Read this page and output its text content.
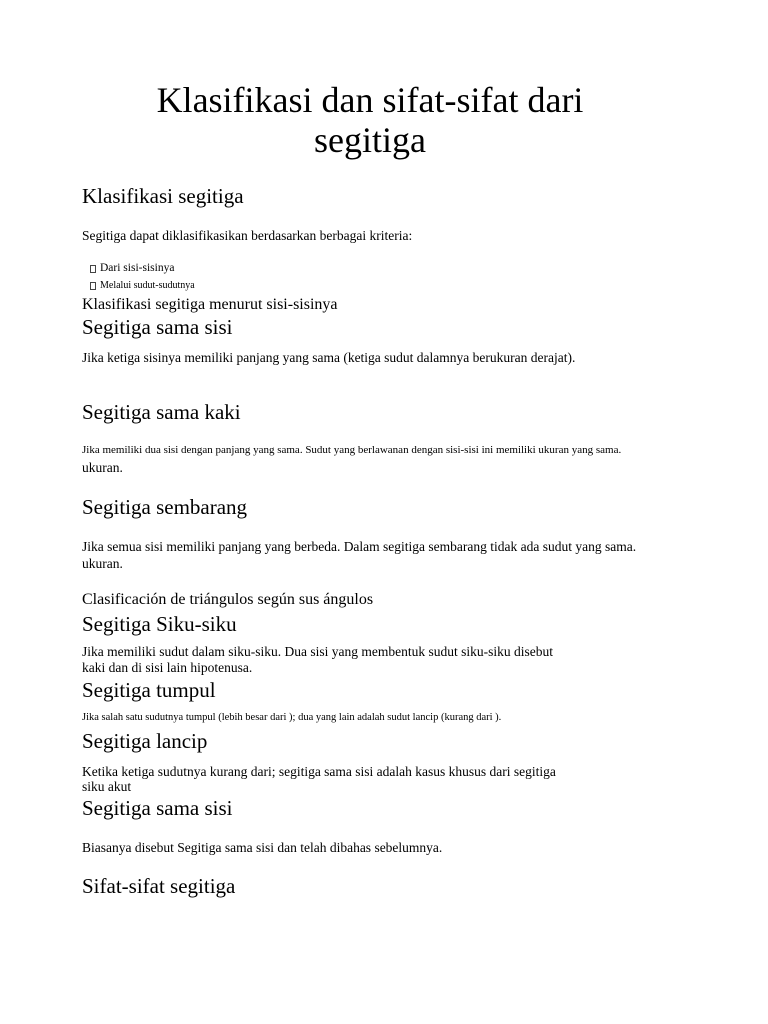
Klasifikasi dan sifat-sifat dari
segitiga
Klasifikasi segitiga
Segitiga dapat diklasifikasikan berdasarkan berbagai kriteria:
Dari sisi-sisinya
Melalui sudut-sudutnya
Klasifikasi segitiga menurut sisi-sisinya
Segitiga sama sisi
Jika ketiga sisinya memiliki panjang yang sama (ketiga sudut dalamnya berukuran derajat).
Segitiga sama kaki
Jika memiliki dua sisi dengan panjang yang sama. Sudut yang berlawanan dengan sisi-sisi ini memiliki ukuran yang sama.
ukuran.
Segitiga sembarang
Jika semua sisi memiliki panjang yang berbeda. Dalam segitiga sembarang tidak ada sudut yang sama.
ukuran.
Clasificación de triángulos según sus ángulos
Segitiga Siku-siku
Jika memiliki sudut dalam siku-siku. Dua sisi yang membentuk sudut siku-siku disebut
kaki dan di sisi lain hipotenusa.
Segitiga tumpul
Jika salah satu sudutnya tumpul (lebih besar dari ); dua yang lain adalah sudut lancip (kurang dari ).
Segitiga lancip
Ketika ketiga sudutnya kurang dari; segitiga sama sisi adalah kasus khusus dari segitiga
siku akut
Segitiga sama sisi
Biasanya disebut Segitiga sama sisi dan telah dibahas sebelumnya.
Sifat-sifat segitiga
